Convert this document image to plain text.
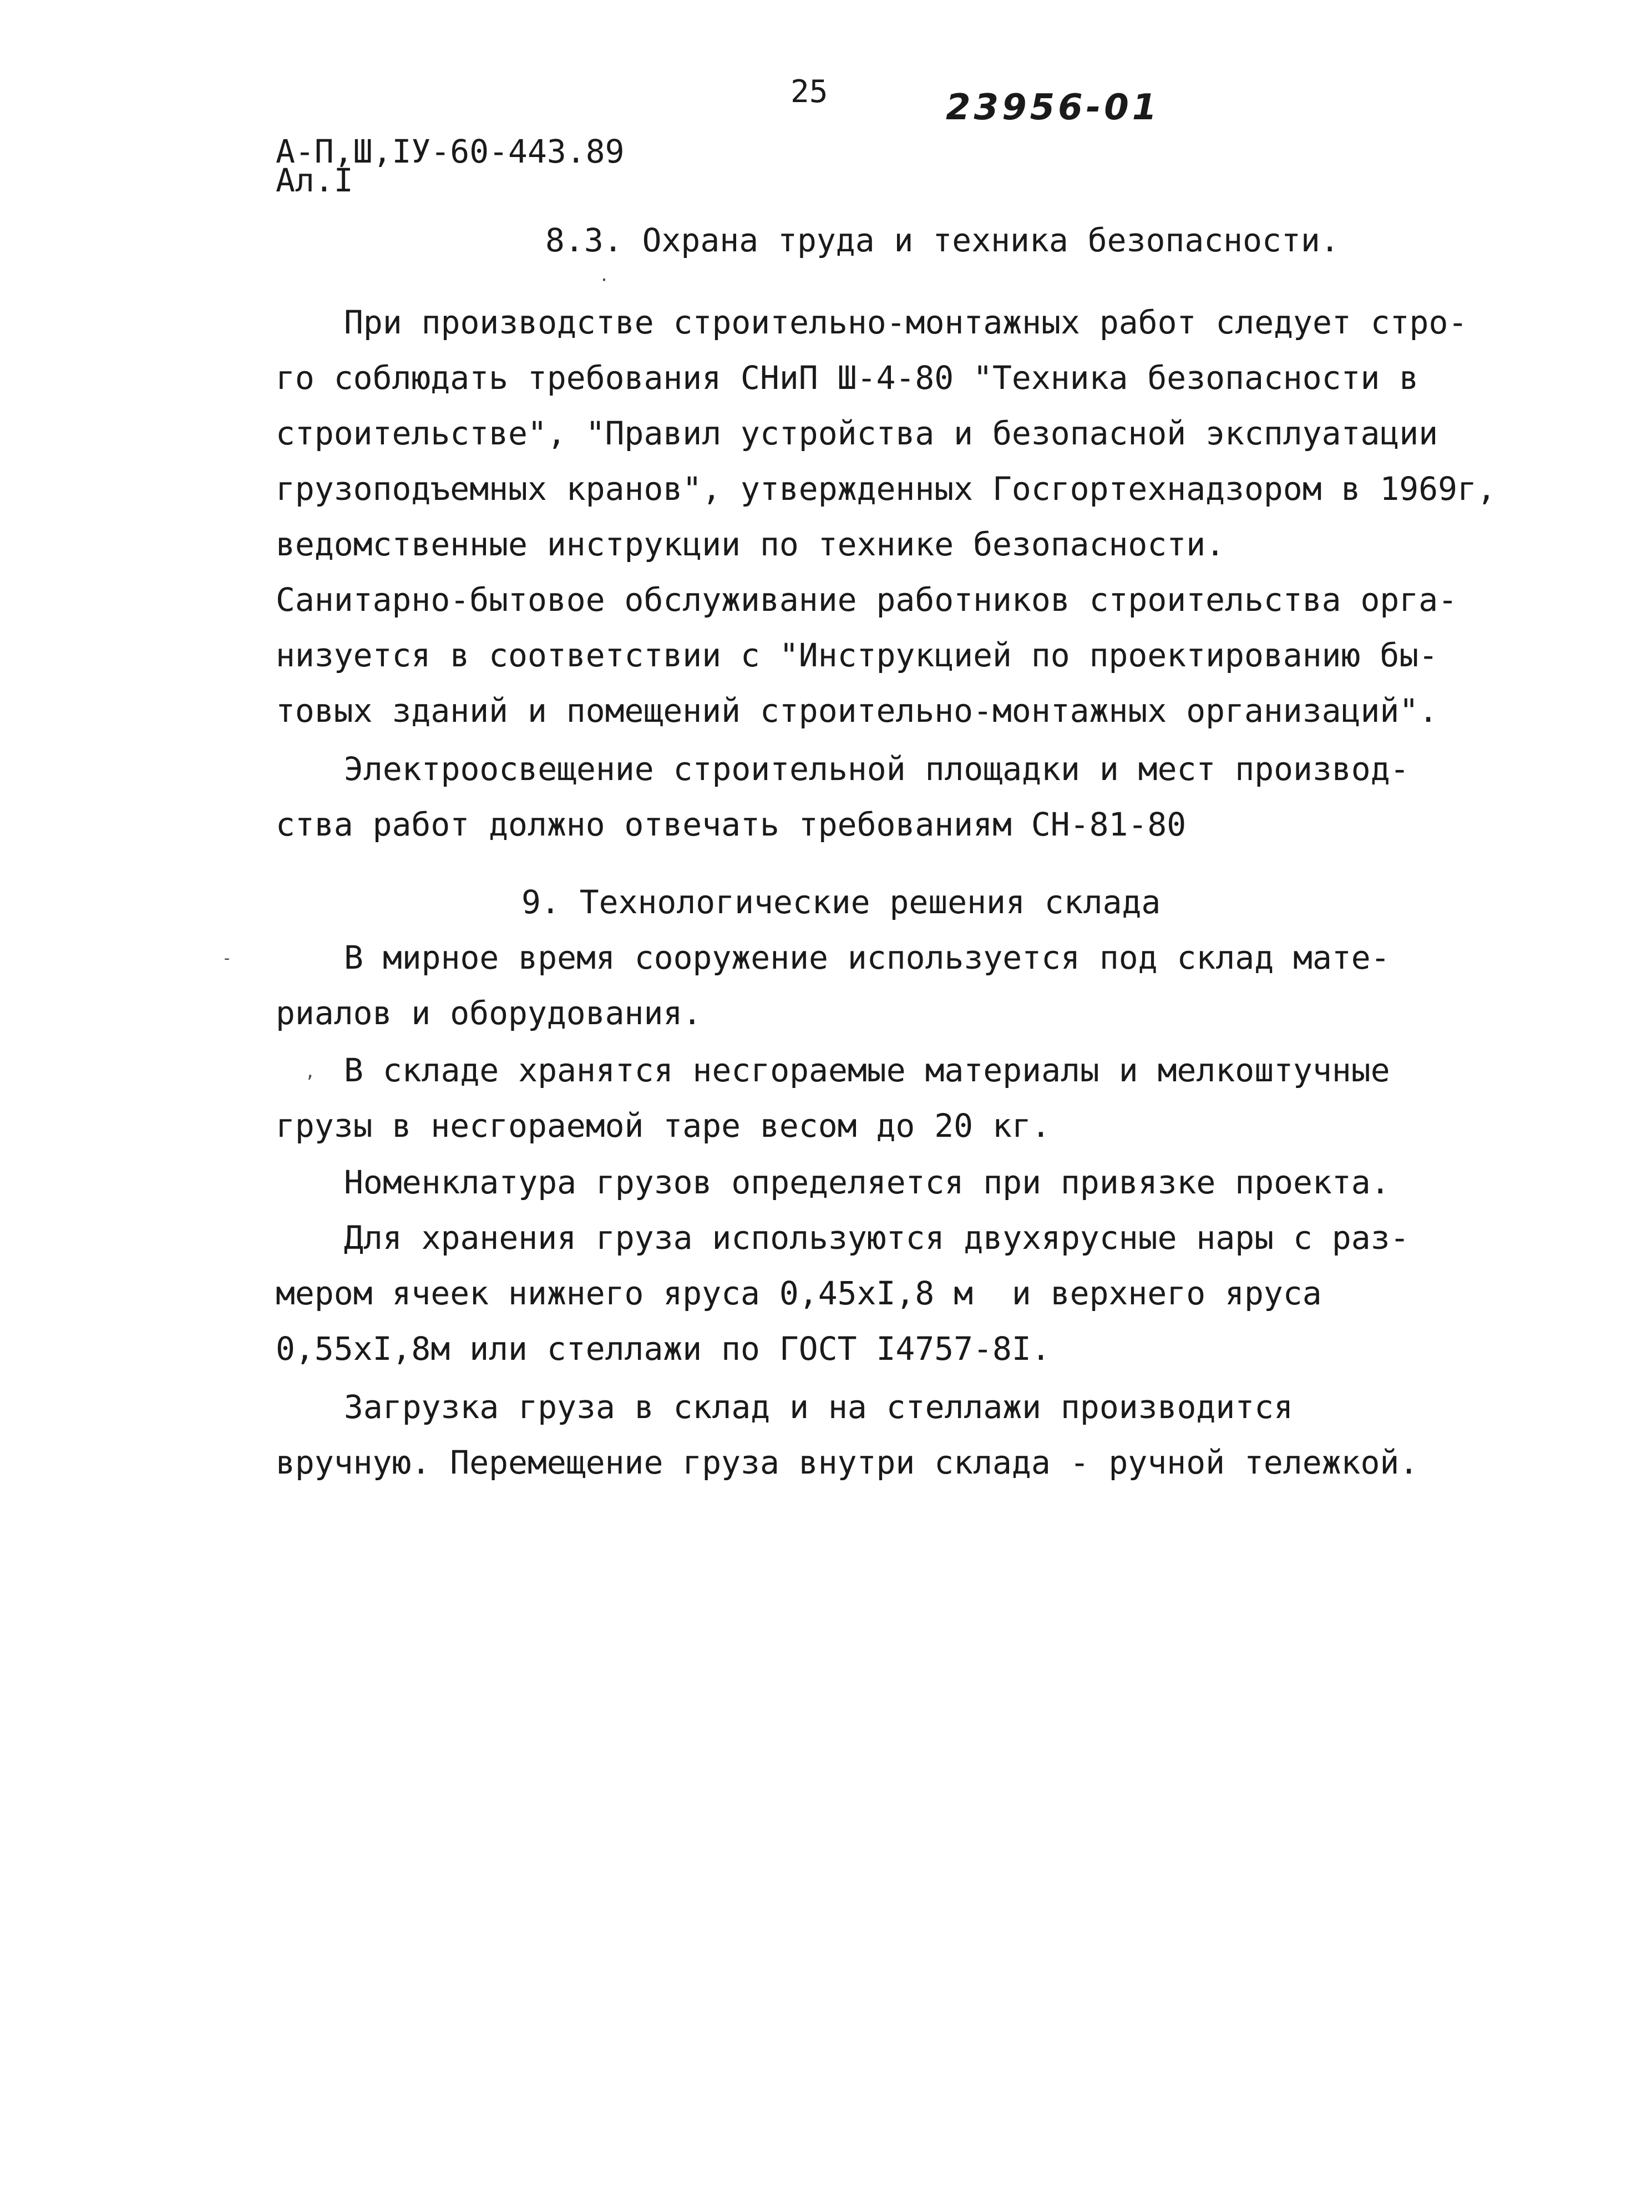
25	23956-01
А-П,Ш,IУ-60-443.89
Ал.I
8.3. Охрана труда и техника безопасности.
При производстве строительно-монтажных работ следует стро-
го соблюдать требования СНиП Ш-4-80 "Техника безопасности в
строительстве", "Правил устройства и безопасной эксплуатации
грузоподъемных кранов", утвержденных Госгортехнадзором в 1969г,
ведомственные инструкции по технике безопасности.
Санитарно-бытовое обслуживание работников строительства орга-
низуется в соответствии с "Инструкцией по проектированию бы-
товых зданий и помещений строительно-монтажных организаций".
Электроосвещение строительной площадки и мест производ-
ства работ должно отвечать требованиям СН-81-80
9. Технологические решения склада
В мирное время сооружение используется под склад мате-
риалов и оборудования.
В складе хранятся несгораемые материалы и мелкоштучные
грузы в несгораемой таре весом до 20 кг.
Номенклатура грузов определяется при привязке проекта.
Для хранения груза используются двухярусные нары с раз-
мером ячеек нижнего яруса 0,45xI,8 м  и верхнего яруса
0,55xI,8м или стеллажи по ГОСТ I4757-8I.
Загрузка груза в склад и на стеллажи производится
вручную. Перемещение груза внутри склада - ручной тележкой.
·
-
,
